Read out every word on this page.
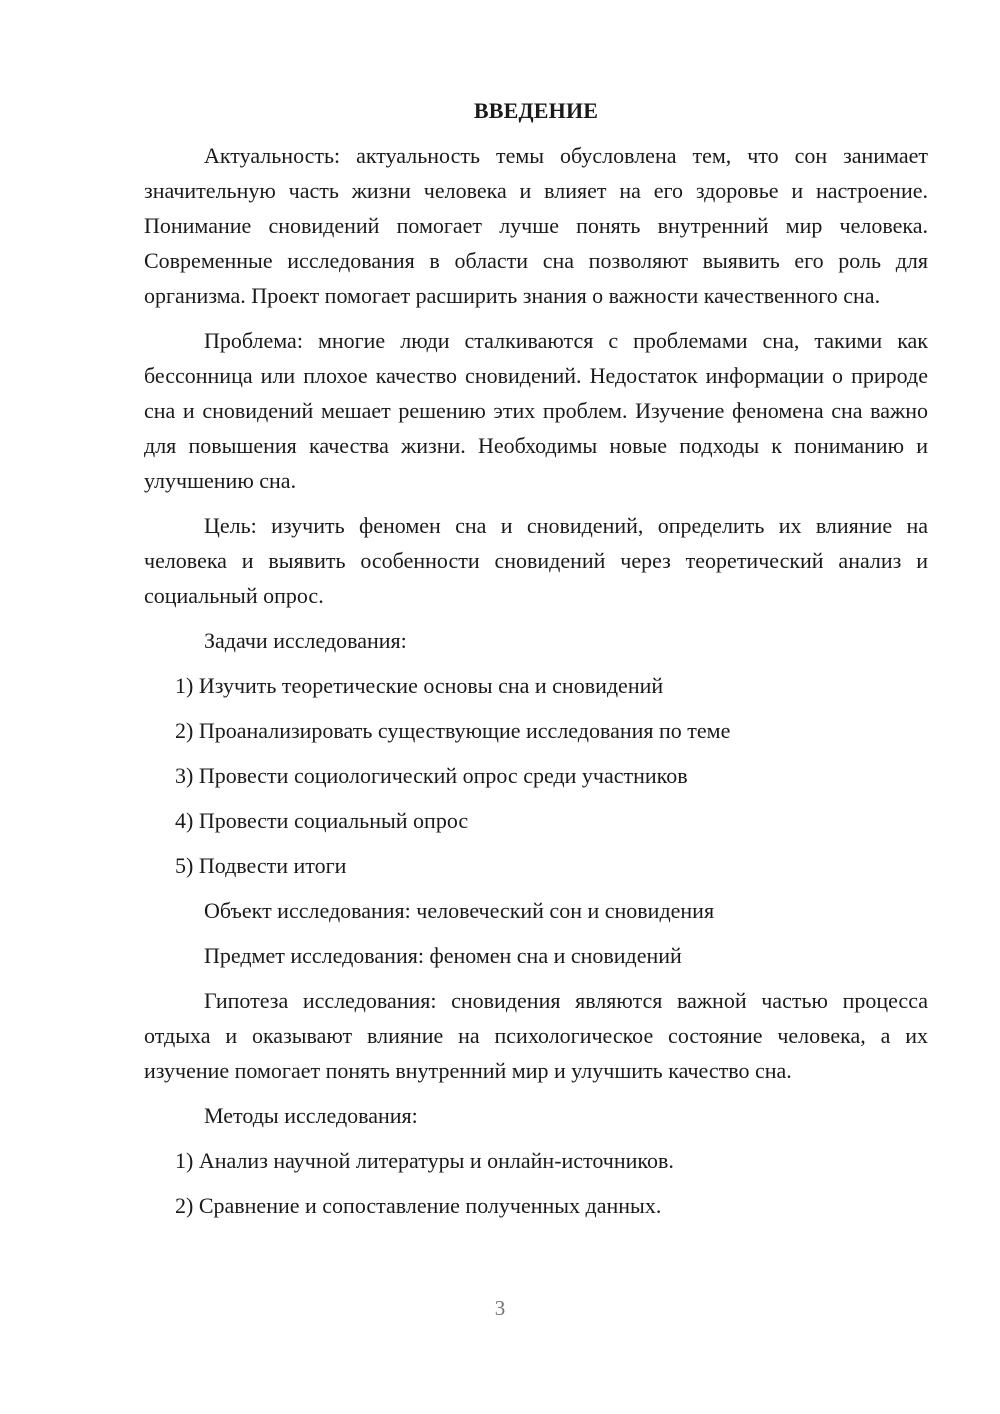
ВВЕДЕНИЕ

Актуальность: актуальность темы обусловлена тем, что сон занимает значительную часть жизни человека и влияет на его здоровье и настроение. Понимание сновидений помогает лучше понять внутренний мир человека. Современные исследования в области сна позволяют выявить его роль для организма. Проект помогает расширить знания о важности качественного сна.

Проблема: многие люди сталкиваются с проблемами сна, такими как бессонница или плохое качество сновидений. Недостаток информации о природе сна и сновидений мешает решению этих проблем. Изучение феномена сна важно для повышения качества жизни. Необходимы новые подходы к пониманию и улучшению сна.

Цель: изучить феномен сна и сновидений, определить их влияние на человека и выявить особенности сновидений через теоретический анализ и социальный опрос.

Задачи исследования:

1) Изучить теоретические основы сна и сновидений
2) Проанализировать существующие исследования по теме
3) Провести социологический опрос среди участников
4) Провести социальный опрос
5) Подвести итоги

Объект исследования: человеческий сон и сновидения

Предмет исследования: феномен сна и сновидений

Гипотеза исследования: сновидения являются важной частью процесса отдыха и оказывают влияние на психологическое состояние человека, а их изучение помогает понять внутренний мир и улучшить качество сна.

Методы исследования:

1) Анализ научной литературы и онлайн-источников.
2) Сравнение и сопоставление полученных данных.
3
